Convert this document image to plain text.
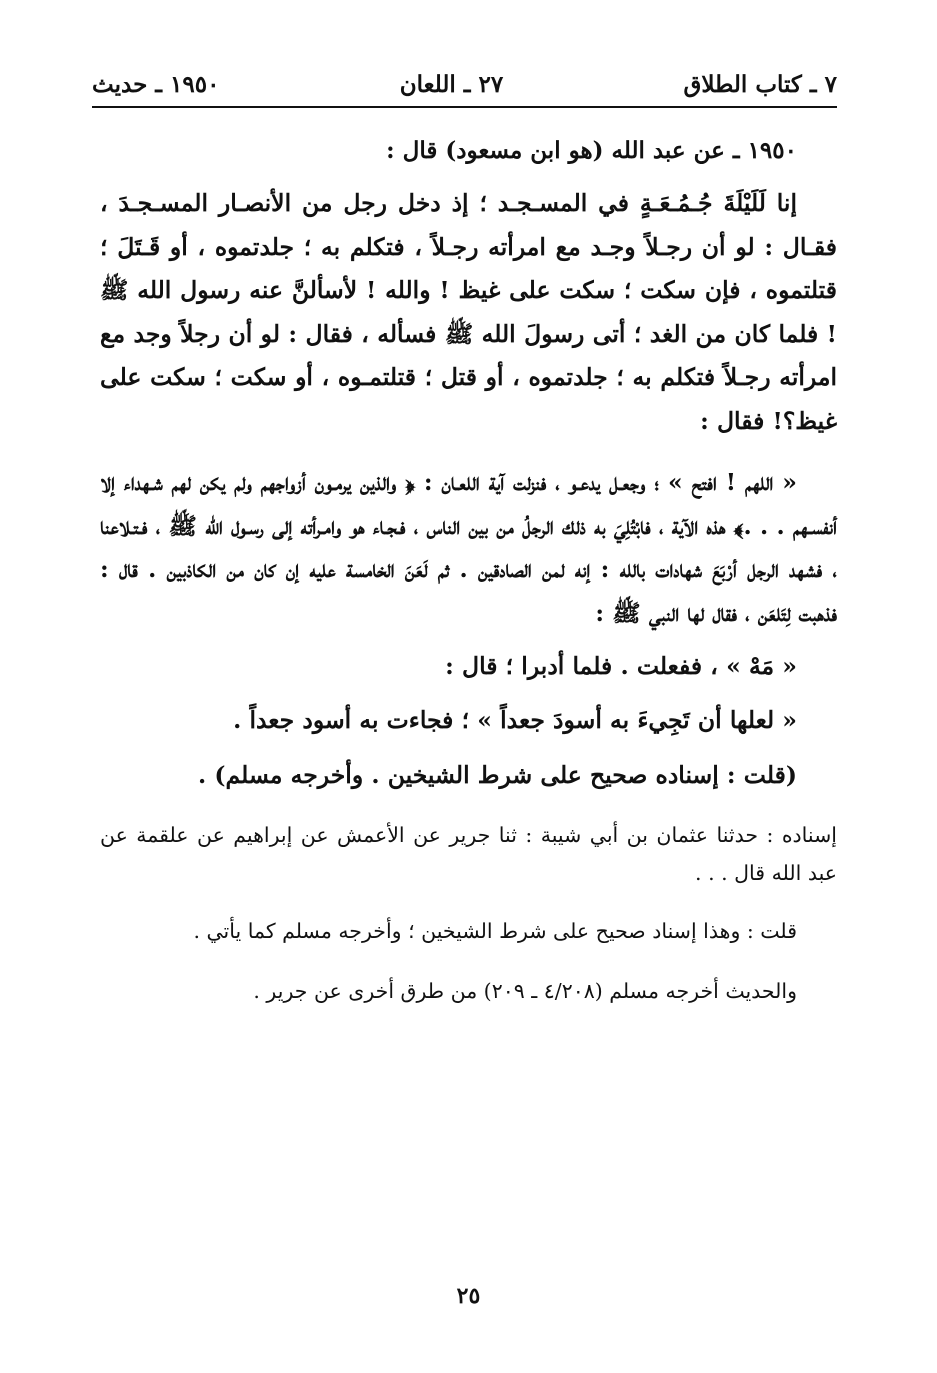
٧ ـ كتاب الطلاق
٢٧ ـ اللعان
١٩٥٠ ـ حديث

١٩٥٠ ـ عن عبد الله (هو ابن مسعود) قال :

إنا لَلَيْلَةَ جُـمُـعَـةٍ في المسـجـد ؛ إذ دخل رجل من الأنصـار المسـجـدَ ، فقـال : لو أن رجـلاً وجـد مع امرأته رجـلاً ، فتكلم به ؛ جلدتموه ، أو قَـتَلَ ؛ قتلتموه ، فإن سكت ؛ سكت على غيظ ! والله ! لأسألنَّ عنه رسول الله ﷺ ! فلما كان من الغد ؛ أتى رسولَ الله ﷺ فسأله ، فقال : لو أن رجلاً وجد مع امرأته رجـلاً فتكلم به ؛ جلدتموه ، أو قتل ؛ قتلتمـوه ، أو سكت ؛ سكت على غيظ؟! فقال :

« اللهم ! افتح » ؛ وجعـل يدعـو ، فنزلت آية اللعـان : ﴿ والذين يرمـون أزواجهم ولم يكن لهم شـهداء إلا أنفسـهم . . .﴾ هذه الآية ، فابْتُلِيَ به ذلك الرجلُ من بين الناس ، فـجـاء هو وامـرأته إلى رسـول الله ﷺ ، فـتـلاعنا ، فشهد الرجل أرْبَعَ شهادات بالله : إنه لمن الصادقين . ثم لَعَنَ الخامسة عليه إن كان من الكاذبين . قال : فذهبت لِتَلعَن ، فقال لها النبي ﷺ :

« مَهْ » ، ففعلت . فلما أدبرا ؛ قال :

« لعلها أن تَجِيءَ به أسودَ جعداً » ؛ فجاءت به أسود جعداً .

(قلت : إسناده صحيح على شرط الشيخين . وأخرجه مسلم) .

إسناده : حدثنا عثمان بن أبي شيبة : ثنا جرير عن الأعمش عن إبراهيم عن علقمة عن عبد الله قال . . .

قلت : وهذا إسناد صحيح على شرط الشيخين ؛ وأخرجه مسلم كما يأتي .

والحديث أخرجه مسلم (٤/٢٠٨ ـ ٢٠٩) من طرق أخرى عن جرير .

٢٥
